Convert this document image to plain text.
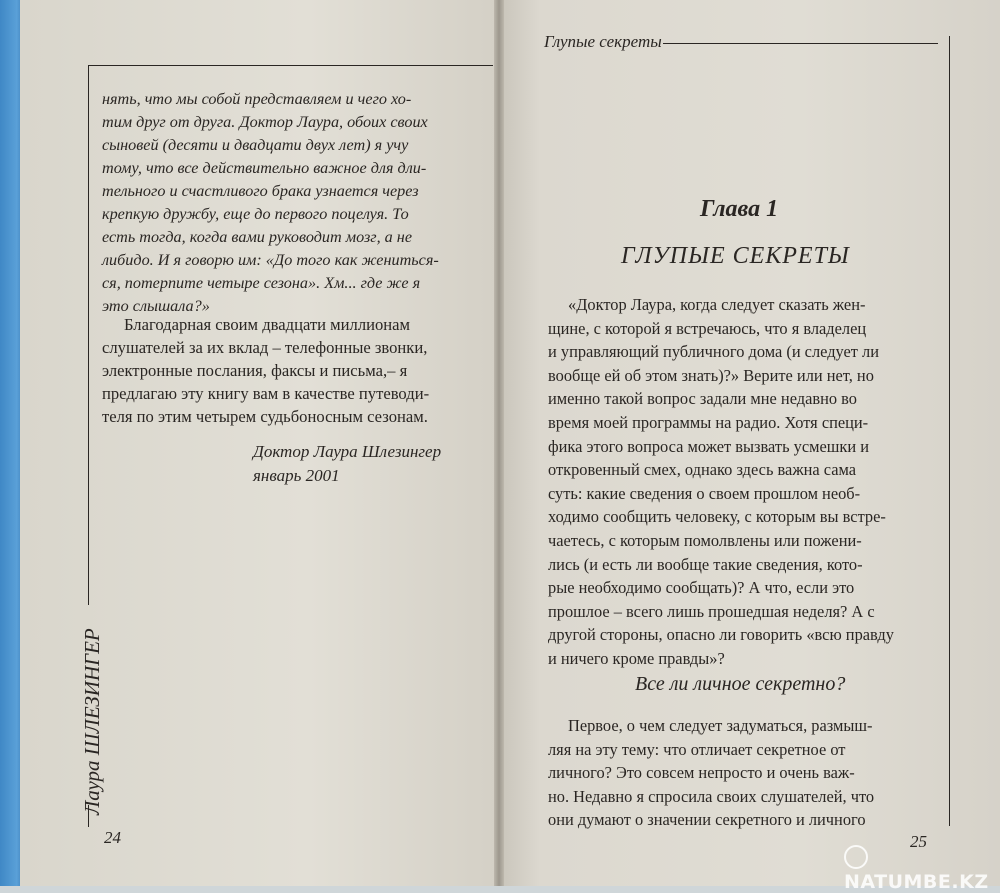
Лаура ШЛЕЗИНГЕР
нять, что мы собой представляем и чего хо-
тим друг от друга. Доктор Лаура, обоих своих
сыновей (десяти и двадцати двух лет) я учу
тому, что все действительно важное для дли-
тельного и счастливого брака узнается через
крепкую дружбу, еще до первого поцелуя. То
есть тогда, когда вами руководит мозг, а не
либидо. И я говорю им: «До того как жениться-
ся, потерпите четыре сезона». Хм... где же я
это слышала?»
Благодарная своим двадцати миллионам
слушателей за их вклад – телефонные звонки,
электронные послания, факсы и письма,– я
предлагаю эту книгу вам в качестве путеводи-
теля по этим четырем судьбоносным сезонам.
Доктор Лаура Шлезингер
январь 2001
24
Глупые секреты
Глава 1
ГЛУПЫЕ СЕКРЕТЫ
«Доктор Лаура, когда следует сказать жен-
щине, с которой я встречаюсь, что я владелец
и управляющий публичного дома (и следует ли
вообще ей об этом знать)?» Верите или нет, но
именно такой вопрос задали мне недавно во
время моей программы на радио. Хотя специ-
фика этого вопроса может вызвать усмешки и
откровенный смех, однако здесь важна сама
суть: какие сведения о своем прошлом необ-
ходимо сообщить человеку, с которым вы встре-
чаетесь, с которым помолвлены или пожени-
лись (и есть ли вообще такие сведения, кото-
рые необходимо сообщать)? А что, если это
прошлое – всего лишь прошедшая неделя? А с
другой стороны, опасно ли говорить «всю правду
и ничего кроме правды»?
Все ли личное секретно?
Первое, о чем следует задуматься, размыш-
ляя на эту тему: что отличает секретное от
личного? Это совсем непросто и очень важ-
но. Недавно я спросила своих слушателей, что
они думают о значении секретного и личного
25
NATUMBE.KZ
